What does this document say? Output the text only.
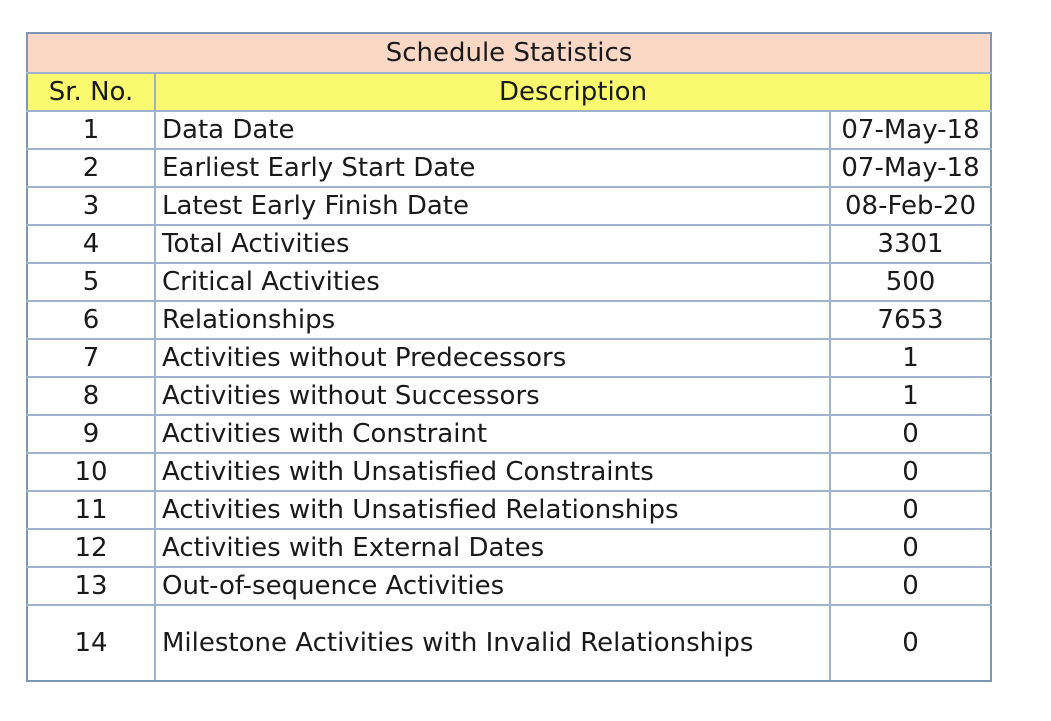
Schedule Statistics		
Sr. No.	Description	
1	Data Date	07-May-18
2	Earliest Early Start Date	07-May-18
3	Latest Early Finish Date	08-Feb-20
4	Total Activities	3301
5	Critical Activities	500
6	Relationships	7653
7	Activities without Predecessors	1
8	Activities without Successors	1
9	Activities with Constraint	0
10	Activities with Unsatisfied Constraints	0
11	Activities with Unsatisfied Relationships	0
12	Activities with External Dates	0
13	Out-of-sequence Activities	0
14	Milestone Activities with Invalid Relationships	0
